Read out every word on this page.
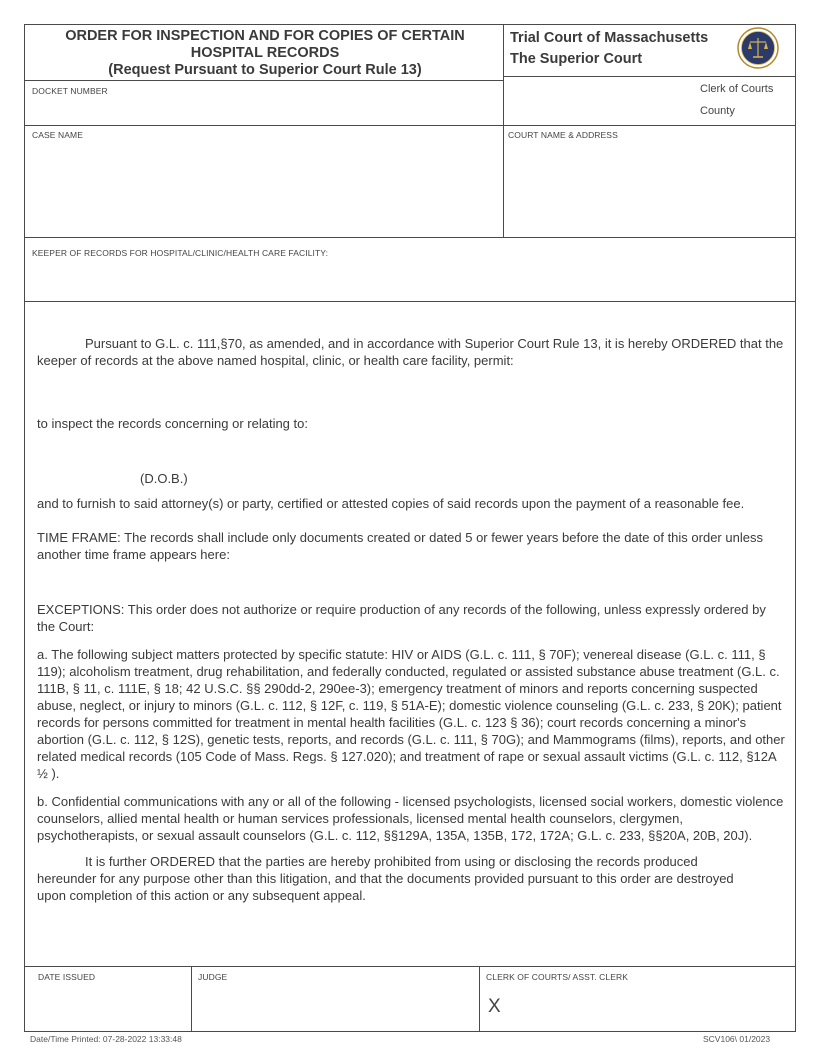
ORDER FOR INSPECTION AND FOR COPIES OF CERTAIN
HOSPITAL RECORDS
(Request Pursuant to Superior Court Rule 13)
Trial Court of Massachusetts
The Superior Court
DOCKET NUMBER	Clerk of Courts
County
CASE NAME	COURT NAME & ADDRESS
KEEPER OF RECORDS FOR HOSPITAL/CLINIC/HEALTH CARE FACILITY:
Pursuant to G.L. c. 111,§70, as amended, and in accordance with Superior Court Rule 13, it is hereby ORDERED that the keeper of records at the above named hospital, clinic, or health care facility, permit:
to inspect the records concerning or relating to:
(D.O.B.)
and to furnish to said attorney(s) or party, certified or attested copies of said records upon the payment of a reasonable fee.
TIME FRAME: The records shall include only documents created or dated 5 or fewer years before the date of this order unless another time frame appears here:
EXCEPTIONS: This order does not authorize or require production of any records of the following, unless expressly ordered by the Court:
a. The following subject matters protected by specific statute: HIV or AIDS (G.L. c. 111, § 70F); venereal disease (G.L. c. 111, § 119); alcoholism treatment, drug rehabilitation, and federally conducted, regulated or assisted substance abuse treatment (G.L. c. 111B, § 11, c. 111E, § 18; 42 U.S.C. §§ 290dd-2, 290ee-3); emergency treatment of minors and reports concerning suspected abuse, neglect, or injury to minors (G.L. c. 112, § 12F, c. 119, § 51A-E); domestic violence counseling (G.L. c. 233, § 20K); patient records for persons committed for treatment in mental health facilities (G.L. c. 123 § 36); court records concerning a minor's abortion (G.L. c. 112, § 12S), genetic tests, reports, and records (G.L. c. 111, § 70G); and Mammograms (films), reports, and other related medical records (105 Code of Mass. Regs. § 127.020); and treatment of rape or sexual assault victims (G.L. c. 112, §12A ½ ).
b. Confidential communications with any or all of the following - licensed psychologists, licensed social workers, domestic violence counselors, allied mental health or human services professionals, licensed mental health counselors, clergymen, psychotherapists, or sexual assault counselors (G.L. c. 112, §§129A, 135A, 135B, 172, 172A; G.L. c. 233, §§20A, 20B, 20J).
It is further ORDERED that the parties are hereby prohibited from using or disclosing the records produced hereunder for any purpose other than this litigation, and that the documents provided pursuant to this order are destroyed upon completion of this action or any subsequent appeal.
DATE ISSUED	JUDGE	CLERK OF COURTS/ ASST. CLERK
X
Date/Time Printed: 07-28-2022 13:33:48	SCV106\ 01/2023
